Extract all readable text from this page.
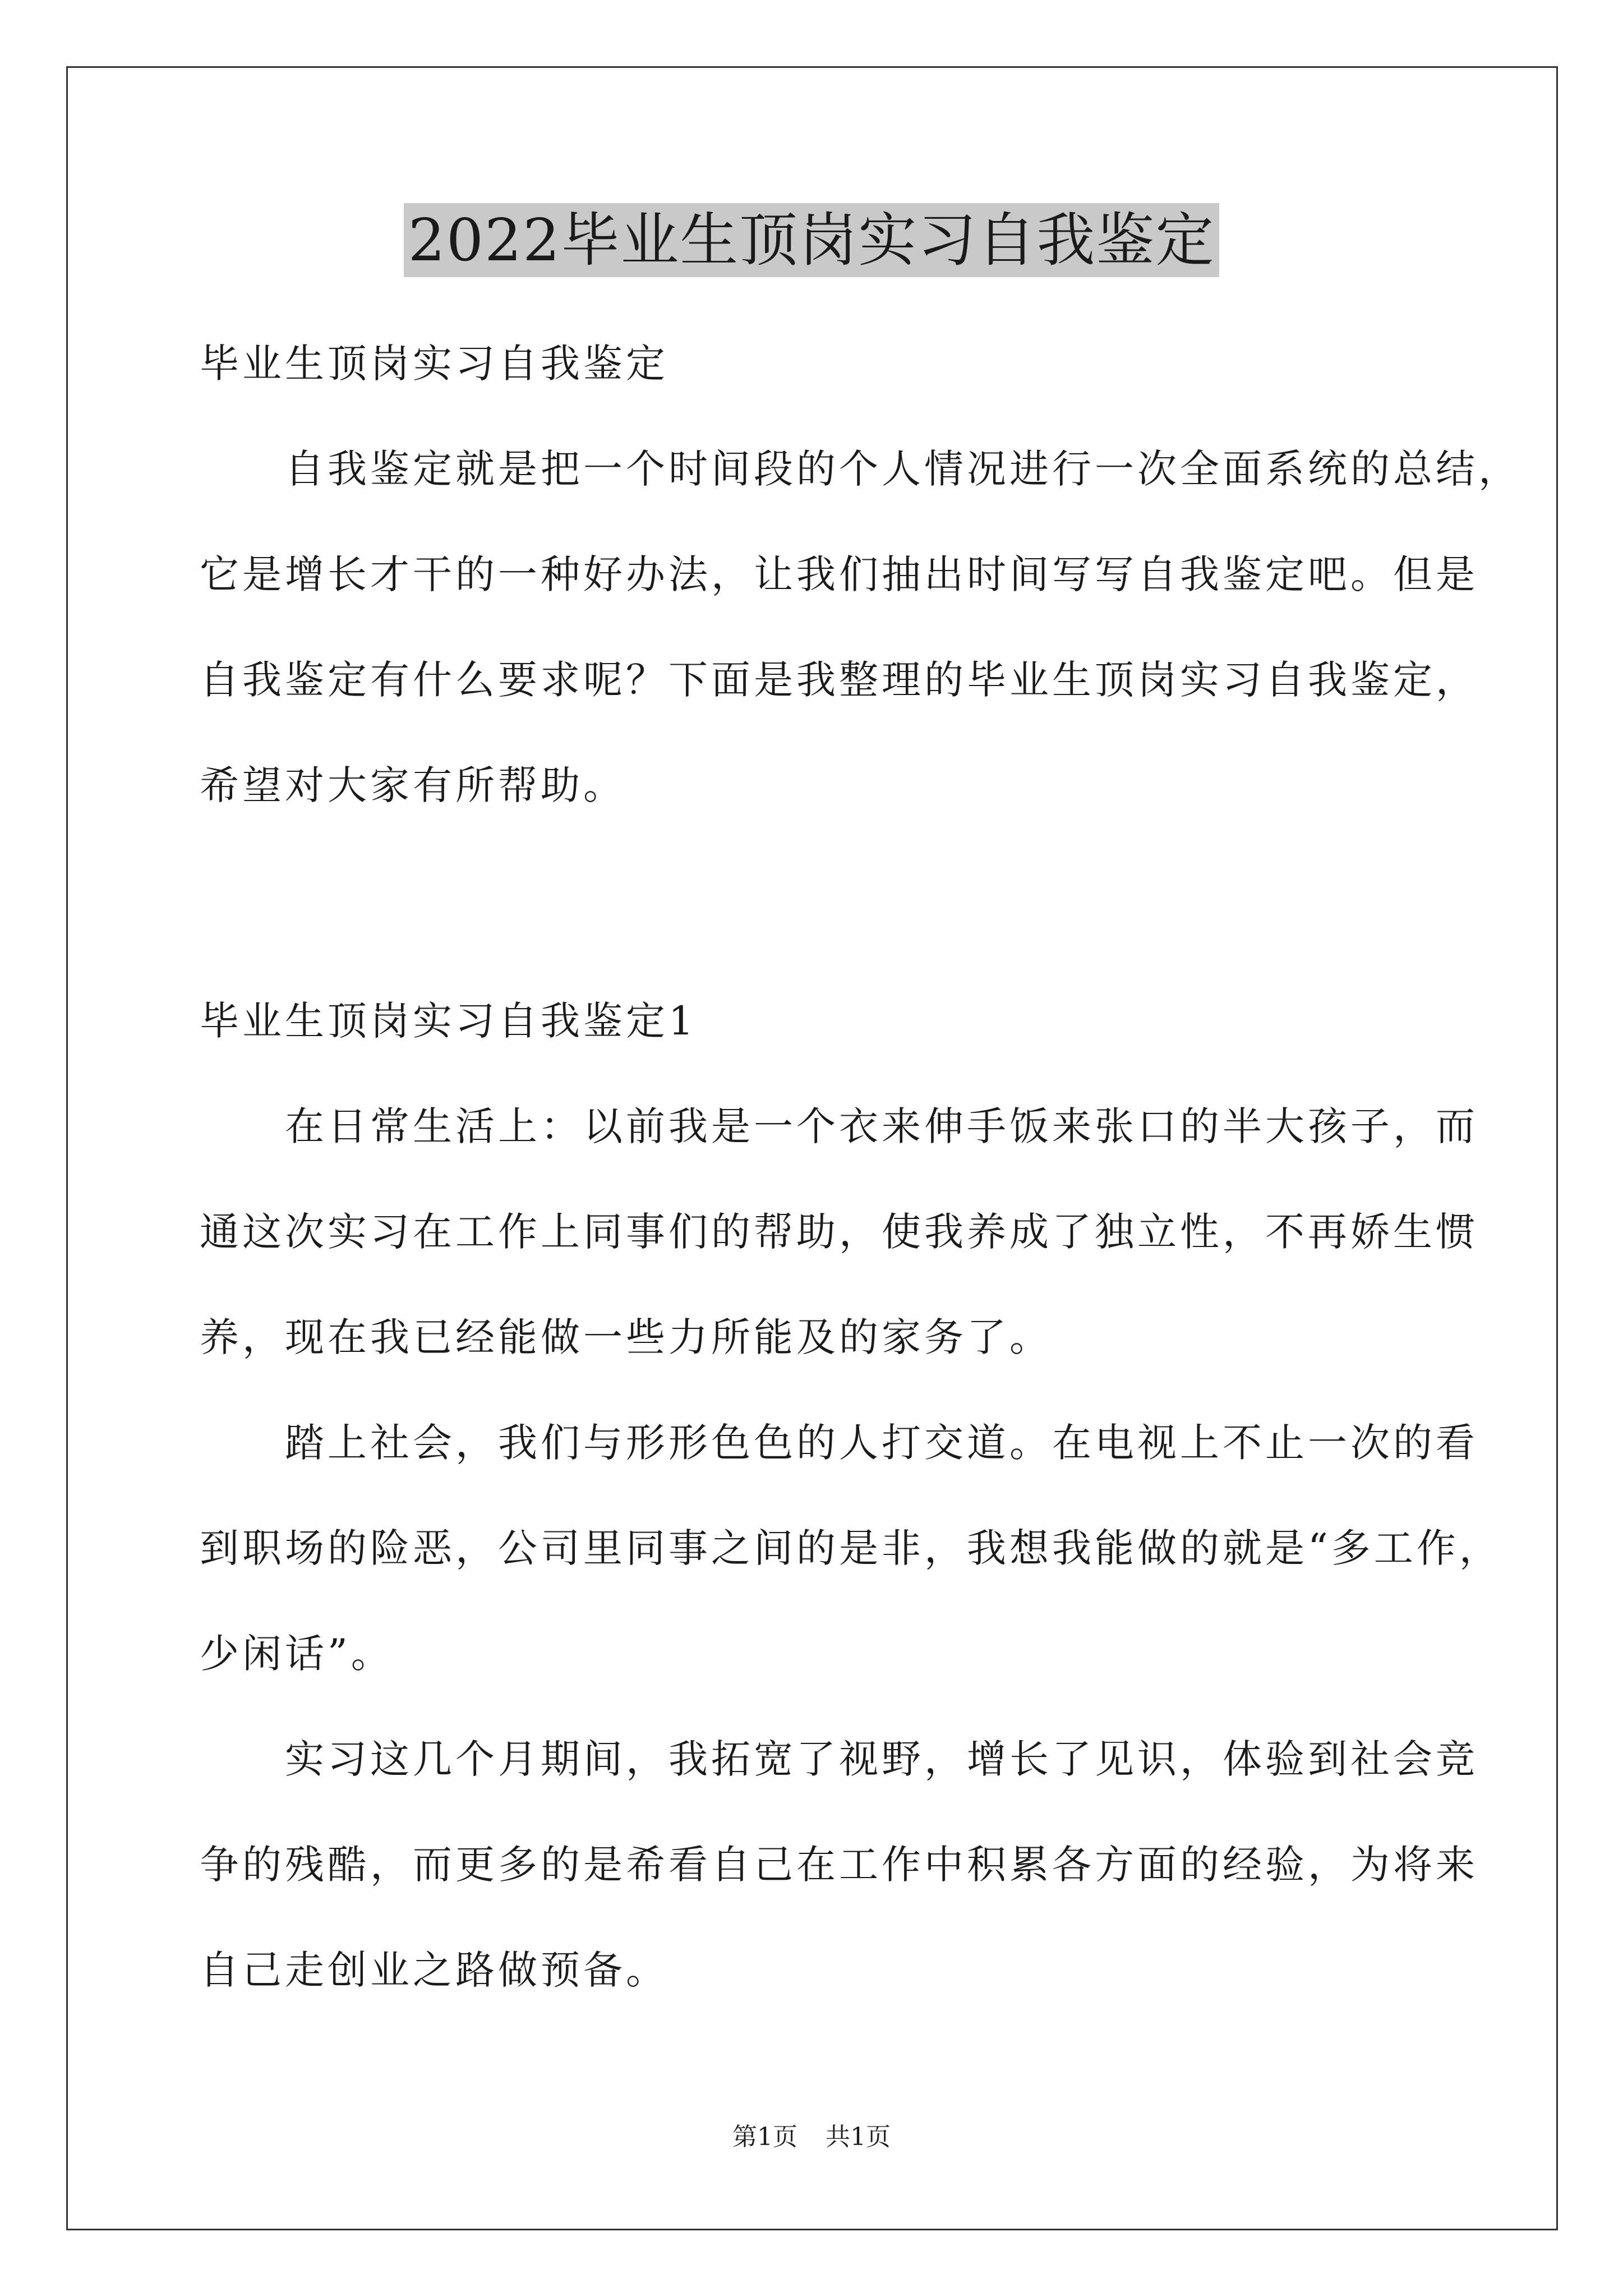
2022毕业生顶岗实习自我鉴定
毕业生顶岗实习自我鉴定
　　自我鉴定就是把一个时间段的个人情况进行一次全面系统的总结，
它是增长才干的一种好办法，让我们抽出时间写写自我鉴定吧。但是
自我鉴定有什么要求呢？下面是我整理的毕业生顶岗实习自我鉴定，
希望对大家有所帮助。
毕业生顶岗实习自我鉴定1
　　在日常生活上：以前我是一个衣来伸手饭来张口的半大孩子，而
通这次实习在工作上同事们的帮助，使我养成了独立性，不再娇生惯
养，现在我已经能做一些力所能及的家务了。
　　踏上社会，我们与形形色色的人打交道。在电视上不止一次的看
到职场的险恶，公司里同事之间的是非，我想我能做的就是“多工作，
少闲话”。
　　实习这几个月期间，我拓宽了视野，增长了见识，体验到社会竞
争的残酷，而更多的是希看自己在工作中积累各方面的经验，为将来
自己走创业之路做预备。
第1页 共1页
